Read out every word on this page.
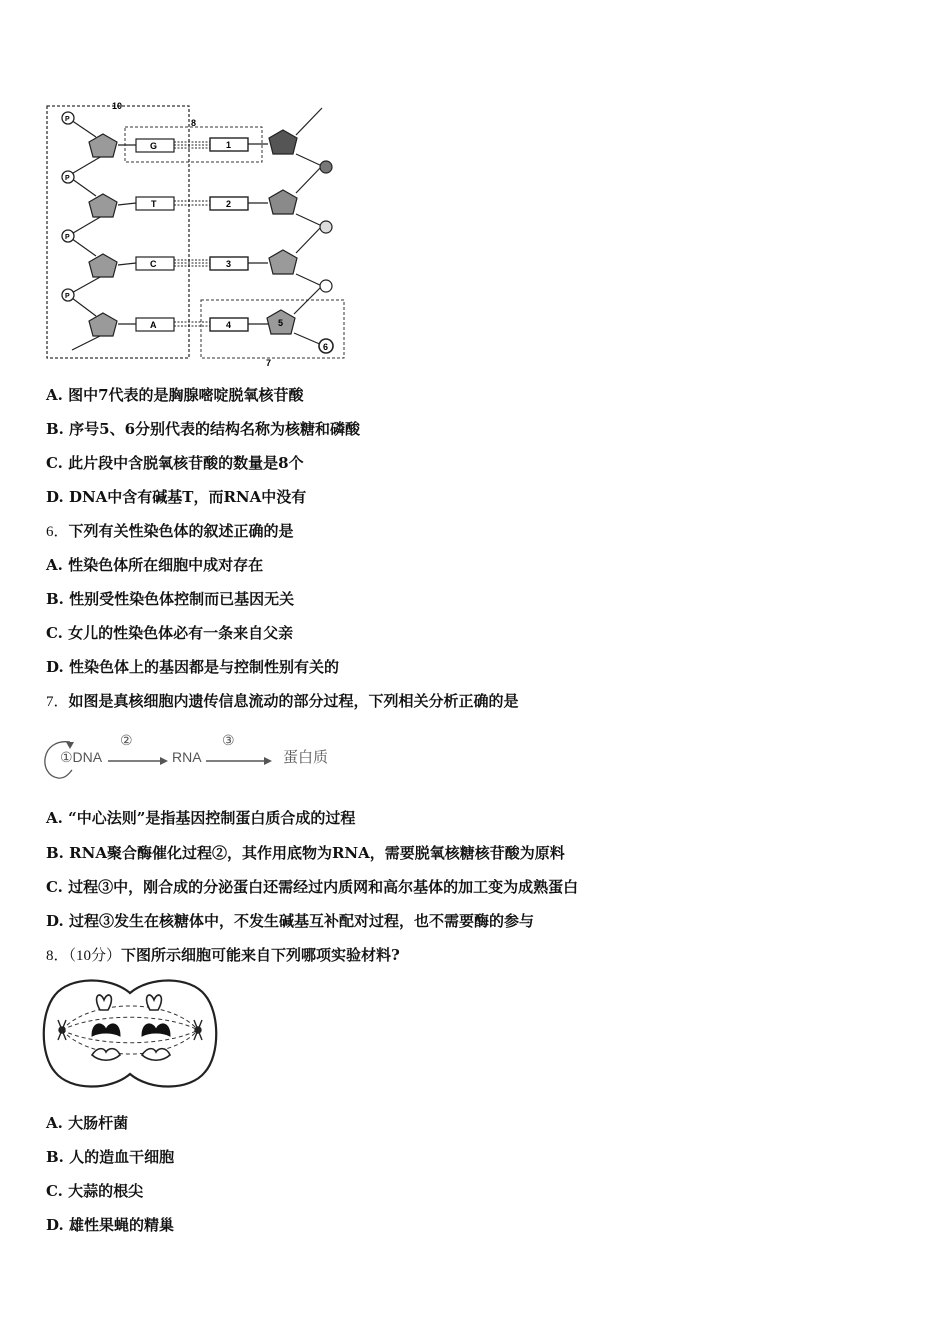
10
8
7
P
P
P
P
G
T
C
A
1
2
3
4	5
6
A. 图中7代表的是胸腺嘧啶脱氧核苷酸
B. 序号5、6分别代表的结构名称为核糖和磷酸
C. 此片段中含脱氧核苷酸的数量是8个
D. DNA中含有碱基T，而RNA中没有
6．下列有关性染色体的叙述正确的是
A. 性染色体所在细胞中成对存在
B. 性别受性染色体控制而已基因无关
C. 女儿的性染色体必有一条来自父亲
D. 性染色体上的基因都是与控制性别有关的
7．如图是真核细胞内遗传信息流动的部分过程，下列相关分析正确的是
①DNA
②
RNA
③
蛋白质
A. “中心法则”是指基因控制蛋白质合成的过程
B. RNA聚合酶催化过程②，其作用底物为RNA，需要脱氧核糖核苷酸为原料
C. 过程③中，刚合成的分泌蛋白还需经过内质网和高尔基体的加工变为成熟蛋白
D. 过程③发生在核糖体中，不发生碱基互补配对过程，也不需要酶的参与
8．（10分）下图所示细胞可能来自下列哪项实验材料?
A. 大肠杆菌
B. 人的造血干细胞
C. 大蒜的根尖
D. 雄性果蝇的精巢
